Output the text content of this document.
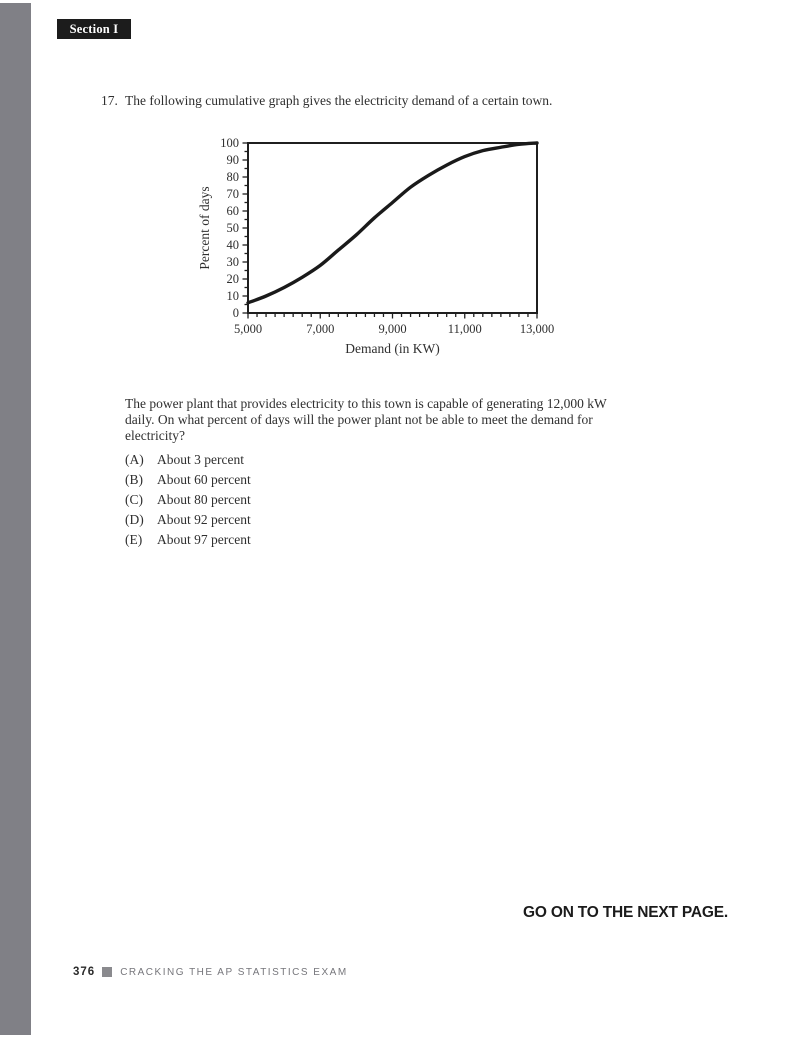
Section I
17. The following cumulative graph gives the electricity demand of a certain town.
0
10
20
30
40
50
60
70
80
90
100
5,000	7,000	9,000	11,000	13,000
Demand (in KW)
Percent of days
The power plant that provides electricity to this town is capable of generating 12,000 kW daily. On what percent of days will the power plant not be able to meet the demand for electricity?
(A) About 3 percent
(B) About 60 percent
(C) About 80 percent
(D) About 92 percent
(E) About 97 percent
GO ON TO THE NEXT PAGE.
376	CRACKING THE AP STATISTICS EXAM
